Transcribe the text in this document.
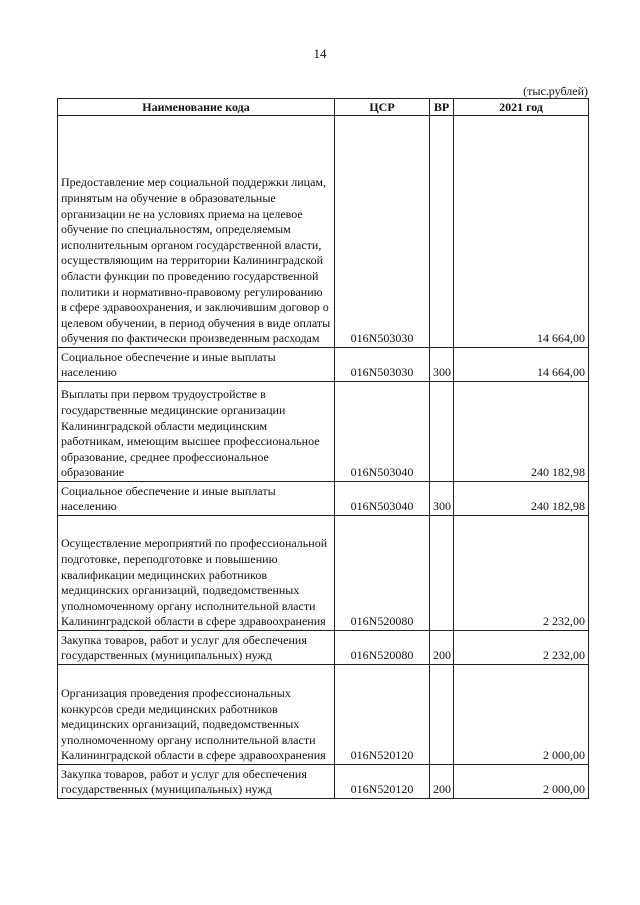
14
(тыс.рублей)
Наименование кода	ЦСР	ВР	2021 год
Предоставление мер социальной поддержки лицам, принятым на обучение в образовательные организации не на условиях приема на целевое обучение по специальностям, определяемым исполнительным органом государственной власти, осуществляющим на территории Калининградской области функции по проведению государственной политики и нормативно-правовому регулированию в сфере здравоохранения, и заключившим договор о целевом обучении, в период обучения в виде оплаты обучения по фактически произведенным расходам	016N503030		14 664,00
Социальное обеспечение и иные выплаты населению	016N503030	300	14 664,00
Выплаты при первом трудоустройстве в государственные медицинские организации Калининградской области медицинским работникам, имеющим высшее профессиональное образование, среднее профессиональное образование	016N503040		240 182,98
Социальное обеспечение и иные выплаты населению	016N503040	300	240 182,98
Осуществление мероприятий по профессиональной подготовке, переподготовке и повышению квалификации медицинских работников медицинских организаций, подведомственных уполномоченному органу исполнительной власти Калининградской области в сфере здравоохранения	016N520080		2 232,00
Закупка товаров, работ и услуг для обеспечения государственных (муниципальных) нужд	016N520080	200	2 232,00
Организация проведения профессиональных конкурсов среди медицинских работников медицинских организаций, подведомственных уполномоченному органу исполнительной власти Калининградской области в сфере здравоохранения	016N520120		2 000,00
Закупка товаров, работ и услуг для обеспечения государственных (муниципальных) нужд	016N520120	200	2 000,00
